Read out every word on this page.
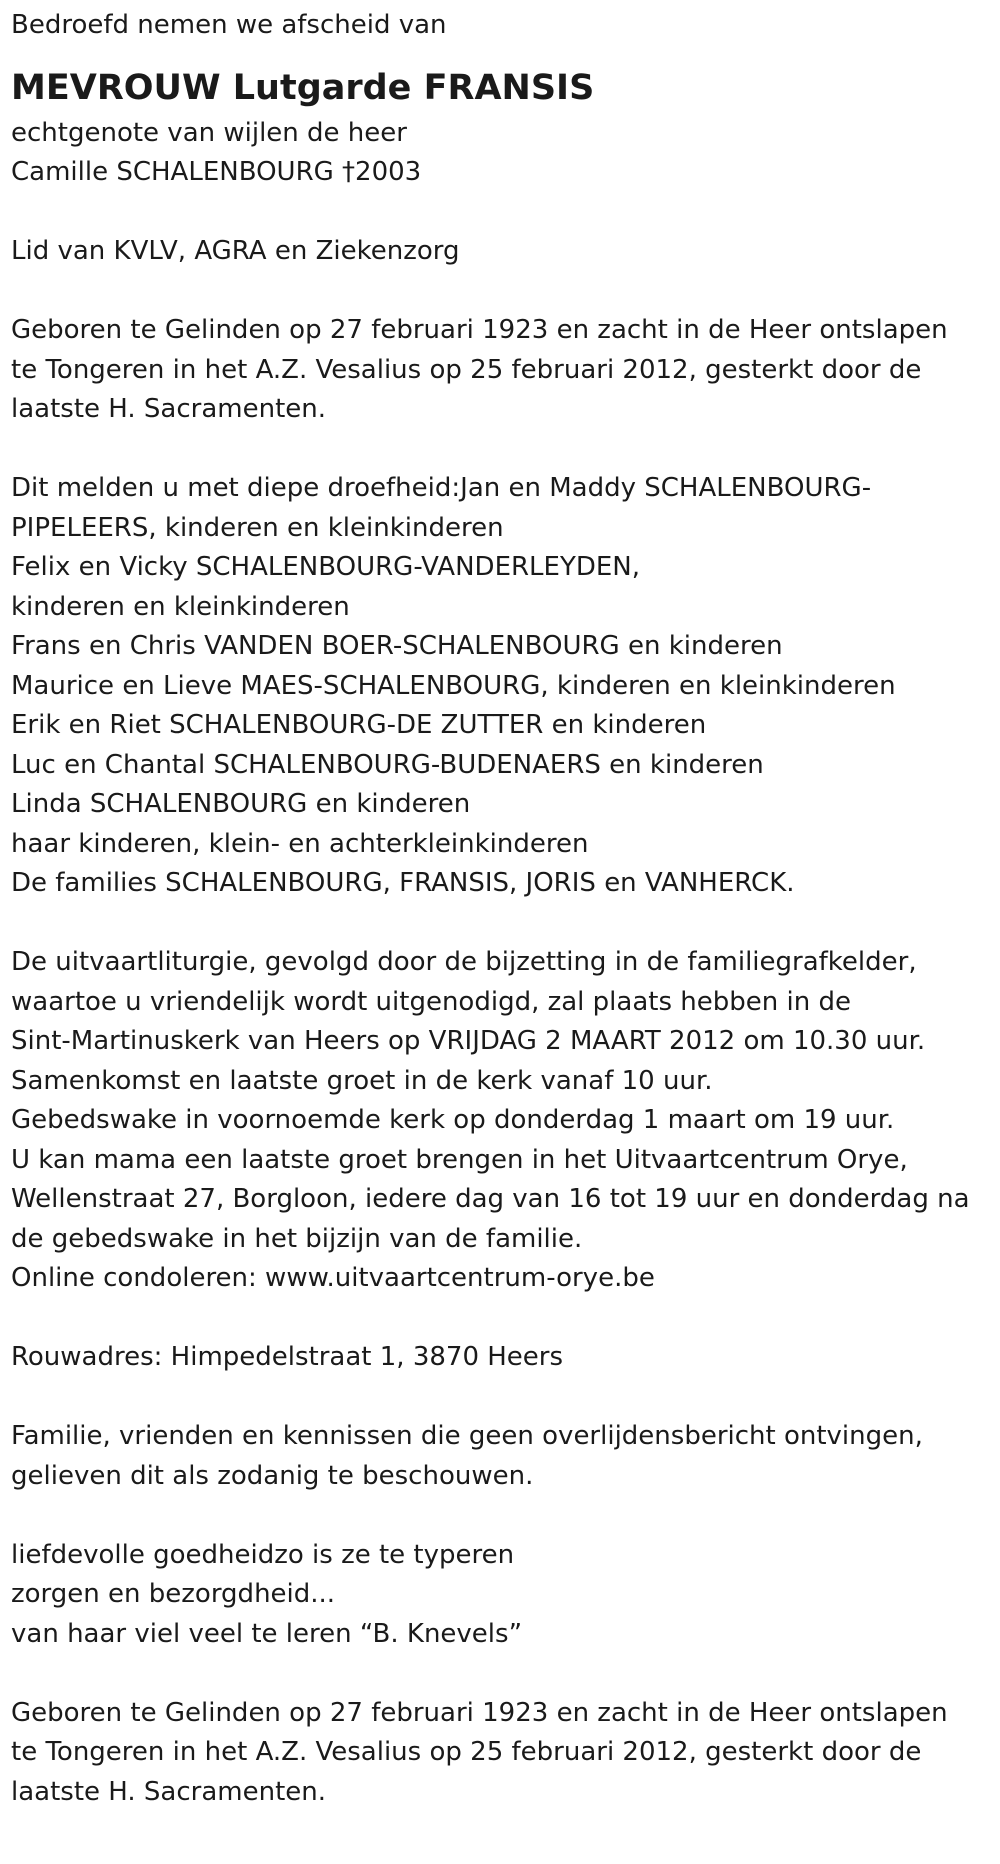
Bedroefd nemen we afscheid van

MEVROUW Lutgarde FRANSIS

echtgenote van wijlen de heer

Camille SCHALENBOURG †2003

Lid van KVLV, AGRA en Ziekenzorg

Geboren te Gelinden op 27 februari 1923 en zacht in de Heer ontslapen

te Tongeren in het A.Z. Vesalius op 25 februari 2012, gesterkt door de

laatste H. Sacramenten.

Dit melden u met diepe droefheid:Jan en Maddy SCHALENBOURG-

PIPELEERS, kinderen en kleinkinderen

Felix en Vicky SCHALENBOURG-VANDERLEYDEN,

kinderen en kleinkinderen

Frans en Chris VANDEN BOER-SCHALENBOURG en kinderen

Maurice en Lieve MAES-SCHALENBOURG, kinderen en kleinkinderen

Erik en Riet SCHALENBOURG-DE ZUTTER en kinderen

Luc en Chantal SCHALENBOURG-BUDENAERS en kinderen

Linda SCHALENBOURG en kinderen

haar kinderen, klein- en achterkleinkinderen

De families SCHALENBOURG, FRANSIS, JORIS en VANHERCK.

De uitvaartliturgie, gevolgd door de bijzetting in de familiegrafkelder,

waartoe u vriendelijk wordt uitgenodigd, zal plaats hebben in de

Sint-Martinuskerk van Heers op VRIJDAG 2 MAART 2012 om 10.30 uur.

Samenkomst en laatste groet in de kerk vanaf 10 uur.

Gebedswake in voornoemde kerk op donderdag 1 maart om 19 uur.

U kan mama een laatste groet brengen in het Uitvaartcentrum Orye,

Wellenstraat 27, Borgloon, iedere dag van 16 tot 19 uur en donderdag na

de gebedswake in het bijzijn van de familie.

Online condoleren: www.uitvaartcentrum-orye.be

Rouwadres: Himpedelstraat 1, 3870 Heers

Familie, vrienden en kennissen die geen overlijdensbericht ontvingen,

gelieven dit als zodanig te beschouwen.

liefdevolle goedheidzo is ze te typeren

zorgen en bezorgdheid...

van haar viel veel te leren “B. Knevels”

Geboren te Gelinden op 27 februari 1923 en zacht in de Heer ontslapen

te Tongeren in het A.Z. Vesalius op 25 februari 2012, gesterkt door de

laatste H. Sacramenten.
